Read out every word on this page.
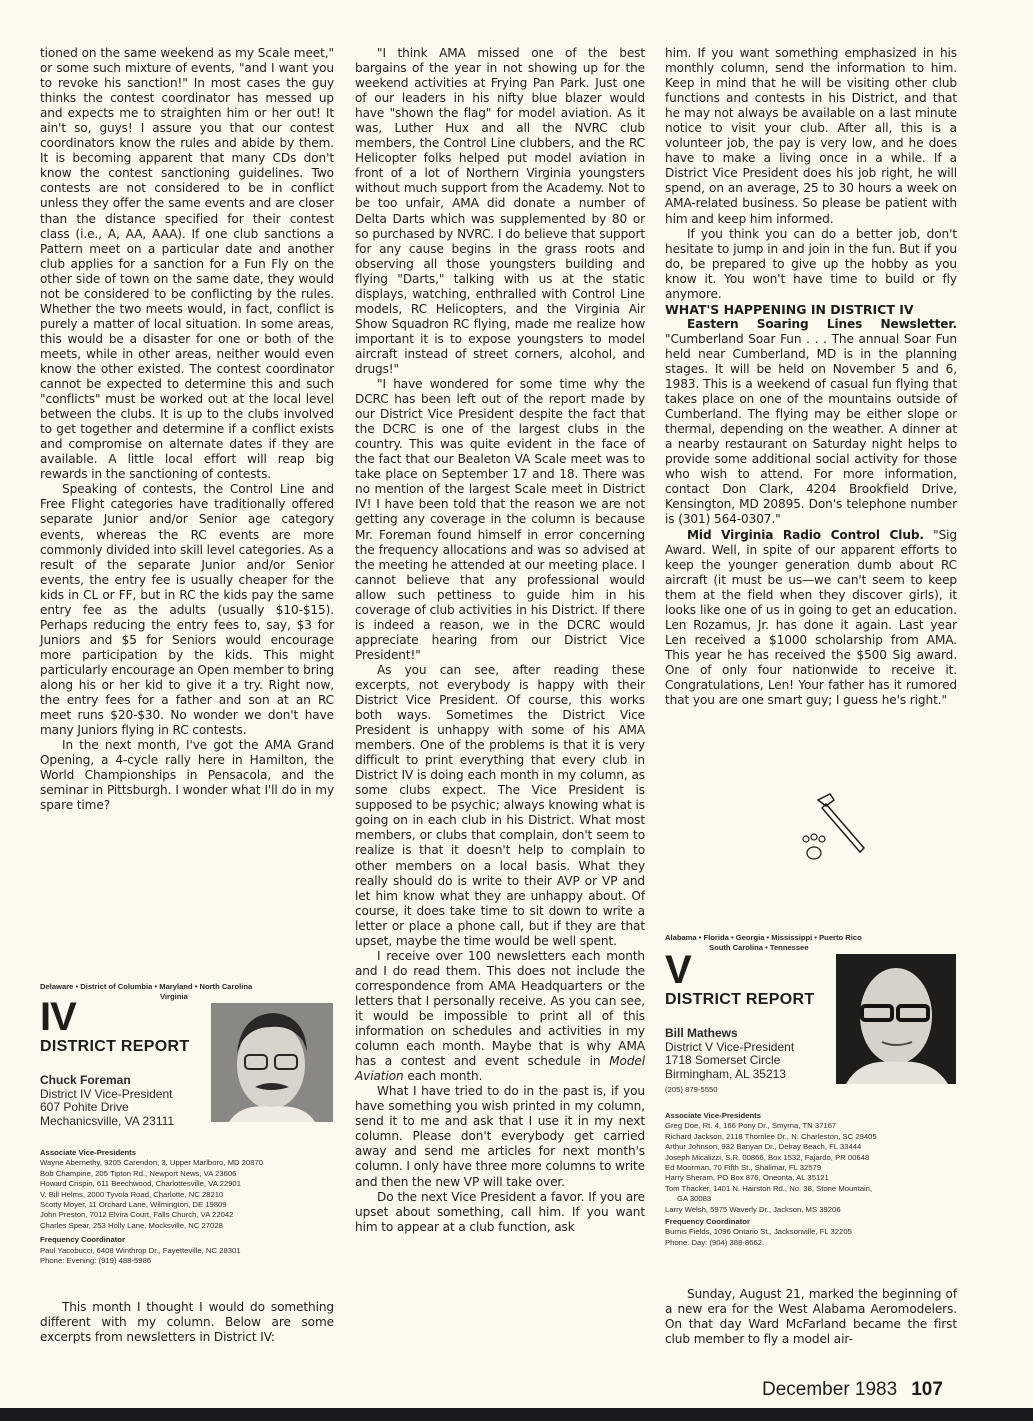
tioned on the same weekend as my Scale meet," or some such mixture of events, "and I want you to revoke his sanction!" In most cases the guy thinks the contest coordinator has messed up and expects me to straighten him or her out! It ain't so, guys! I assure you that our contest coordinators know the rules and abide by them. It is becoming apparent that many CDs don't know the contest sanctioning guidelines. Two contests are not considered to be in conflict unless they offer the same events and are closer than the distance specified for their contest class (i.e., A, AA, AAA). If one club sanctions a Pattern meet on a particular date and another club applies for a sanction for a Fun Fly on the other side of town on the same date, they would not be considered to be conflicting by the rules. Whether the two meets would, in fact, conflict is purely a matter of local situation. In some areas, this would be a disaster for one or both of the meets, while in other areas, neither would even know the other existed. The contest coordinator cannot be expected to determine this and such "conflicts" must be worked out at the local level between the clubs. It is up to the clubs involved to get together and determine if a conflict exists and compromise on alternate dates if they are available. A little local effort will reap big rewards in the sanctioning of contests.

Speaking of contests, the Control Line and Free Flight categories have traditionally offered separate Junior and/or Senior age category events, whereas the RC events are more commonly divided into skill level categories. As a result of the separate Junior and/or Senior events, the entry fee is usually cheaper for the kids in CL or FF, but in RC the kids pay the same entry fee as the adults (usually $10-$15). Perhaps reducing the entry fees to, say, $3 for Juniors and $5 for Seniors would encourage more participation by the kids. This might particularly encourage an Open member to bring along his or her kid to give it a try. Right now, the entry fees for a father and son at an RC meet runs $20-$30. No wonder we don't have many Juniors flying in RC contests.

In the next month, I've got the AMA Grand Opening, a 4-cycle rally here in Hamilton, the World Championships in Pensacola, and the seminar in Pittsburgh. I wonder what I'll do in my spare time?

Delaware • District of Columbia • Maryland • North Carolina
Virginia
IV
DISTRICT REPORT
Chuck Foreman
District IV Vice-President
607 Pohite Drive
Mechanicsville, VA 23111
Associate Vice-Presidents
Wayne Abernethy, 9205 Carendon, 3, Upper Marlboro, MD 20870
Bob Champine, 205 Tipton Rd., Newport News, VA 23606
Howard Crispin, 611 Beechwood, Charlottesville, VA 22901
V. Bill Helms, 2000 Tyvola Road, Charlotte, NC 28210
Scotty Moyer, 11 Orchard Lane, Wilmington, DE 19809
John Preston, 7012 Elvira Court, Falls Church, VA 22042
Charles Spear, 253 Holly Lane, Mocksville, NC 27028
Frequency Coordinator
Paul Yacobucci, 6408 Winthrop Dr., Fayetteville, NC 28301
Phone: Evening: (919) 488-5986

This month I thought I would do something different with my column. Below are some excerpts from newsletters in District IV:

"I think AMA missed one of the best bargains of the year in not showing up for the weekend activities at Frying Pan Park. Just one of our leaders in his nifty blue blazer would have "shown the flag" for model aviation. As it was, Luther Hux and all the NVRC club members, the Control Line clubbers, and the RC Helicopter folks helped put model aviation in front of a lot of Northern Virginia youngsters without much support from the Academy. Not to be too unfair, AMA did donate a number of Delta Darts which was supplemented by 80 or so purchased by NVRC. I do believe that support for any cause begins in the grass roots and observing all those youngsters building and flying "Darts," talking with us at the static displays, watching, enthralled with Control Line models, RC Helicopters, and the Virginia Air Show Squadron RC flying, made me realize how important it is to expose youngsters to model aircraft instead of street corners, alcohol, and drugs!"

"I have wondered for some time why the DCRC has been left out of the report made by our District Vice President despite the fact that the DCRC is one of the largest clubs in the country. This was quite evident in the face of the fact that our Bealeton VA Scale meet was to take place on September 17 and 18. There was no mention of the largest Scale meet in District IV! I have been told that the reason we are not getting any coverage in the column is because Mr. Foreman found himself in error concerning the frequency allocations and was so advised at the meeting he attended at our meeting place. I cannot believe that any professional would allow such pettiness to guide him in his coverage of club activities in his District. If there is indeed a reason, we in the DCRC would appreciate hearing from our District Vice President!"

As you can see, after reading these excerpts, not everybody is happy with their District Vice President. Of course, this works both ways. Sometimes the District Vice President is unhappy with some of his AMA members. One of the problems is that it is very difficult to print everything that every club in District IV is doing each month in my column, as some clubs expect. The Vice President is supposed to be psychic; always knowing what is going on in each club in his District. What most members, or clubs that complain, don't seem to realize is that it doesn't help to complain to other members on a local basis. What they really should do is write to their AVP or VP and let him know what they are unhappy about. Of course, it does take time to sit down to write a letter or place a phone call, but if they are that upset, maybe the time would be well spent.

I receive over 100 newsletters each month and I do read them. This does not include the correspondence from AMA Headquarters or the letters that I personally receive. As you can see, it would be impossible to print all of this information on schedules and activities in my column each month. Maybe that is why AMA has a contest and event schedule in Model Aviation each month.

What I have tried to do in the past is, if you have something you wish printed in my column, send it to me and ask that I use it in my next column. Please don't everybody get carried away and send me articles for next month's column. I only have three more columns to write and then the new VP will take over.

Do the next Vice President a favor. If you are upset about something, call him. If you want him to appear at a club function, ask

him. If you want something emphasized in his monthly column, send the information to him. Keep in mind that he will be visiting other club functions and contests in his District, and that he may not always be available on a last minute notice to visit your club. After all, this is a volunteer job, the pay is very low, and he does have to make a living once in a while. If a District Vice President does his job right, he will spend, on an average, 25 to 30 hours a week on AMA-related business. So please be patient with him and keep him informed.

If you think you can do a better job, don't hesitate to jump in and join in the fun. But if you do, be prepared to give up the hobby as you know it. You won't have time to build or fly anymore.

WHAT'S HAPPENING IN DISTRICT IV

Eastern Soaring Lines Newsletter. "Cumberland Soar Fun . . . The annual Soar Fun held near Cumberland, MD is in the planning stages. It will be held on November 5 and 6, 1983. This is a weekend of casual fun flying that takes place on one of the mountains outside of Cumberland. The flying may be either slope or thermal, depending on the weather. A dinner at a nearby restaurant on Saturday night helps to provide some additional social activity for those who wish to attend. For more information, contact Don Clark, 4204 Brookfield Drive, Kensington, MD 20895. Don's telephone number is (301) 564-0307."

Mid Virginia Radio Control Club. "Sig Award. Well, in spite of our apparent efforts to keep the younger generation dumb about RC aircraft (it must be us—we can't seem to keep them at the field when they discover girls), it looks like one of us in going to get an education. Len Rozamus, Jr. has done it again. Last year Len received a $1000 scholarship from AMA. This year he has received the $500 Sig award. One of only four nationwide to receive it. Congratulations, Len! Your father has it rumored that you are one smart guy; I guess he's right."

Alabama • Florida • Georgia • Mississippi • Puerto Rico
South Carolina • Tennessee
V
DISTRICT REPORT
Bill Mathews
District V Vice-President
1718 Somerset Circle
Birmingham, AL 35213
(205) 879-5550
Associate Vice-Presidents
Greg Doe, Rt. 4, 166 Pony Dr., Smyrna, TN 37167
Richard Jackson, 2118 Thornlee Dr., N. Charleston, SC 29405
Arthur Johnson, 932 Banyan Dr., Delray Beach, FL 33444
Joseph Micalizzi, S.R. 00866, Box 1532, Fajardo, PR 00648
Ed Moorman, 70 Fifth St., Shalimar, FL 32579
Harry Sheram, PO Box 876, Oneonta, AL 35121
Tom Thacker, 1401 N. Hairston Rd., No. 38, Stone Mountain,
GA 30083
Larry Welsh, 5975 Waverly Dr., Jackson, MS 39206
Frequency Coordinator
Burnis Fields, 1096 Ontario St., Jacksonville, FL 32205
Phone. Day: (904) 388-8662.

Sunday, August 21, marked the beginning of a new era for the West Alabama Aeromodelers. On that day Ward McFarland became the first club member to fly a model air-

December 1983 107
